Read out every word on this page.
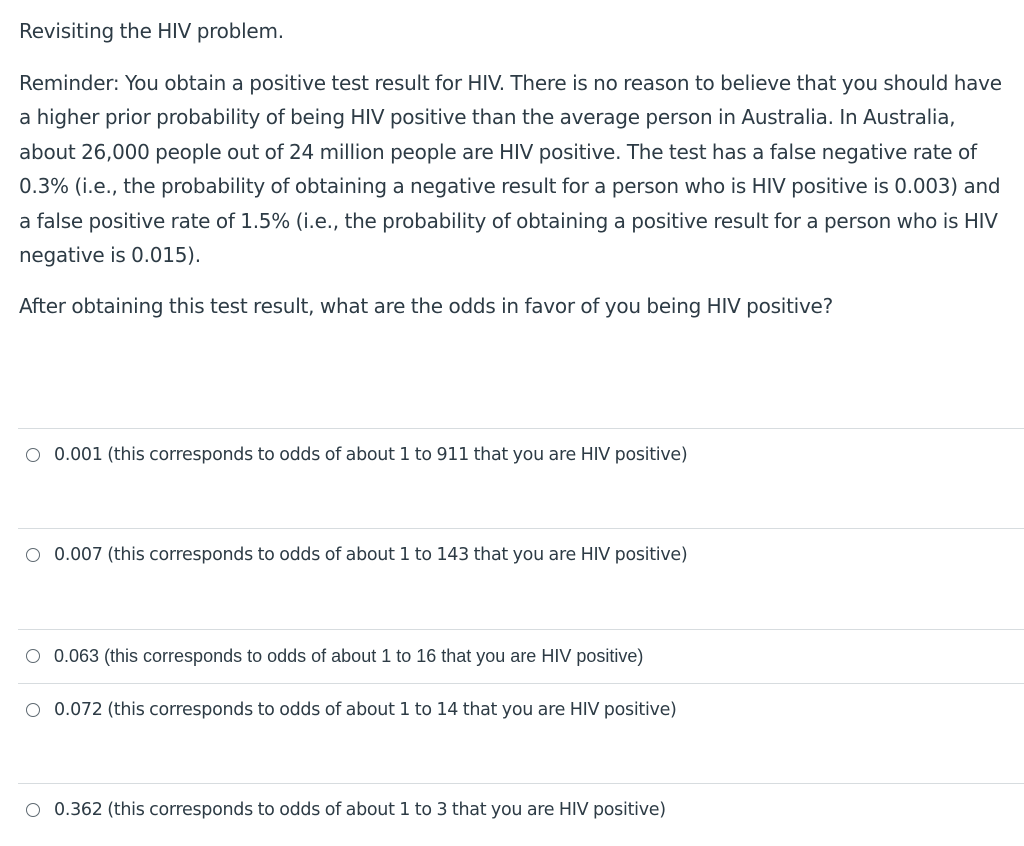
Revisiting the HIV problem.

Reminder: You obtain a positive test result for HIV. There is no reason to believe that you should have a higher prior probability of being HIV positive than the average person in Australia. In Australia, about 26,000 people out of 24 million people are HIV positive. The test has a false negative rate of 0.3% (i.e., the probability of obtaining a negative result for a person who is HIV positive is 0.003) and a false positive rate of 1.5% (i.e., the probability of obtaining a positive result for a person who is HIV negative is 0.015).

After obtaining this test result, what are the odds in favor of you being HIV positive?

0.001 (this corresponds to odds of about 1 to 911 that you are HIV positive)
0.007 (this corresponds to odds of about 1 to 143 that you are HIV positive)
0.063 (this corresponds to odds of about 1 to 16 that you are HIV positive)
0.072 (this corresponds to odds of about 1 to 14 that you are HIV positive)
0.362 (this corresponds to odds of about 1 to 3 that you are HIV positive)
